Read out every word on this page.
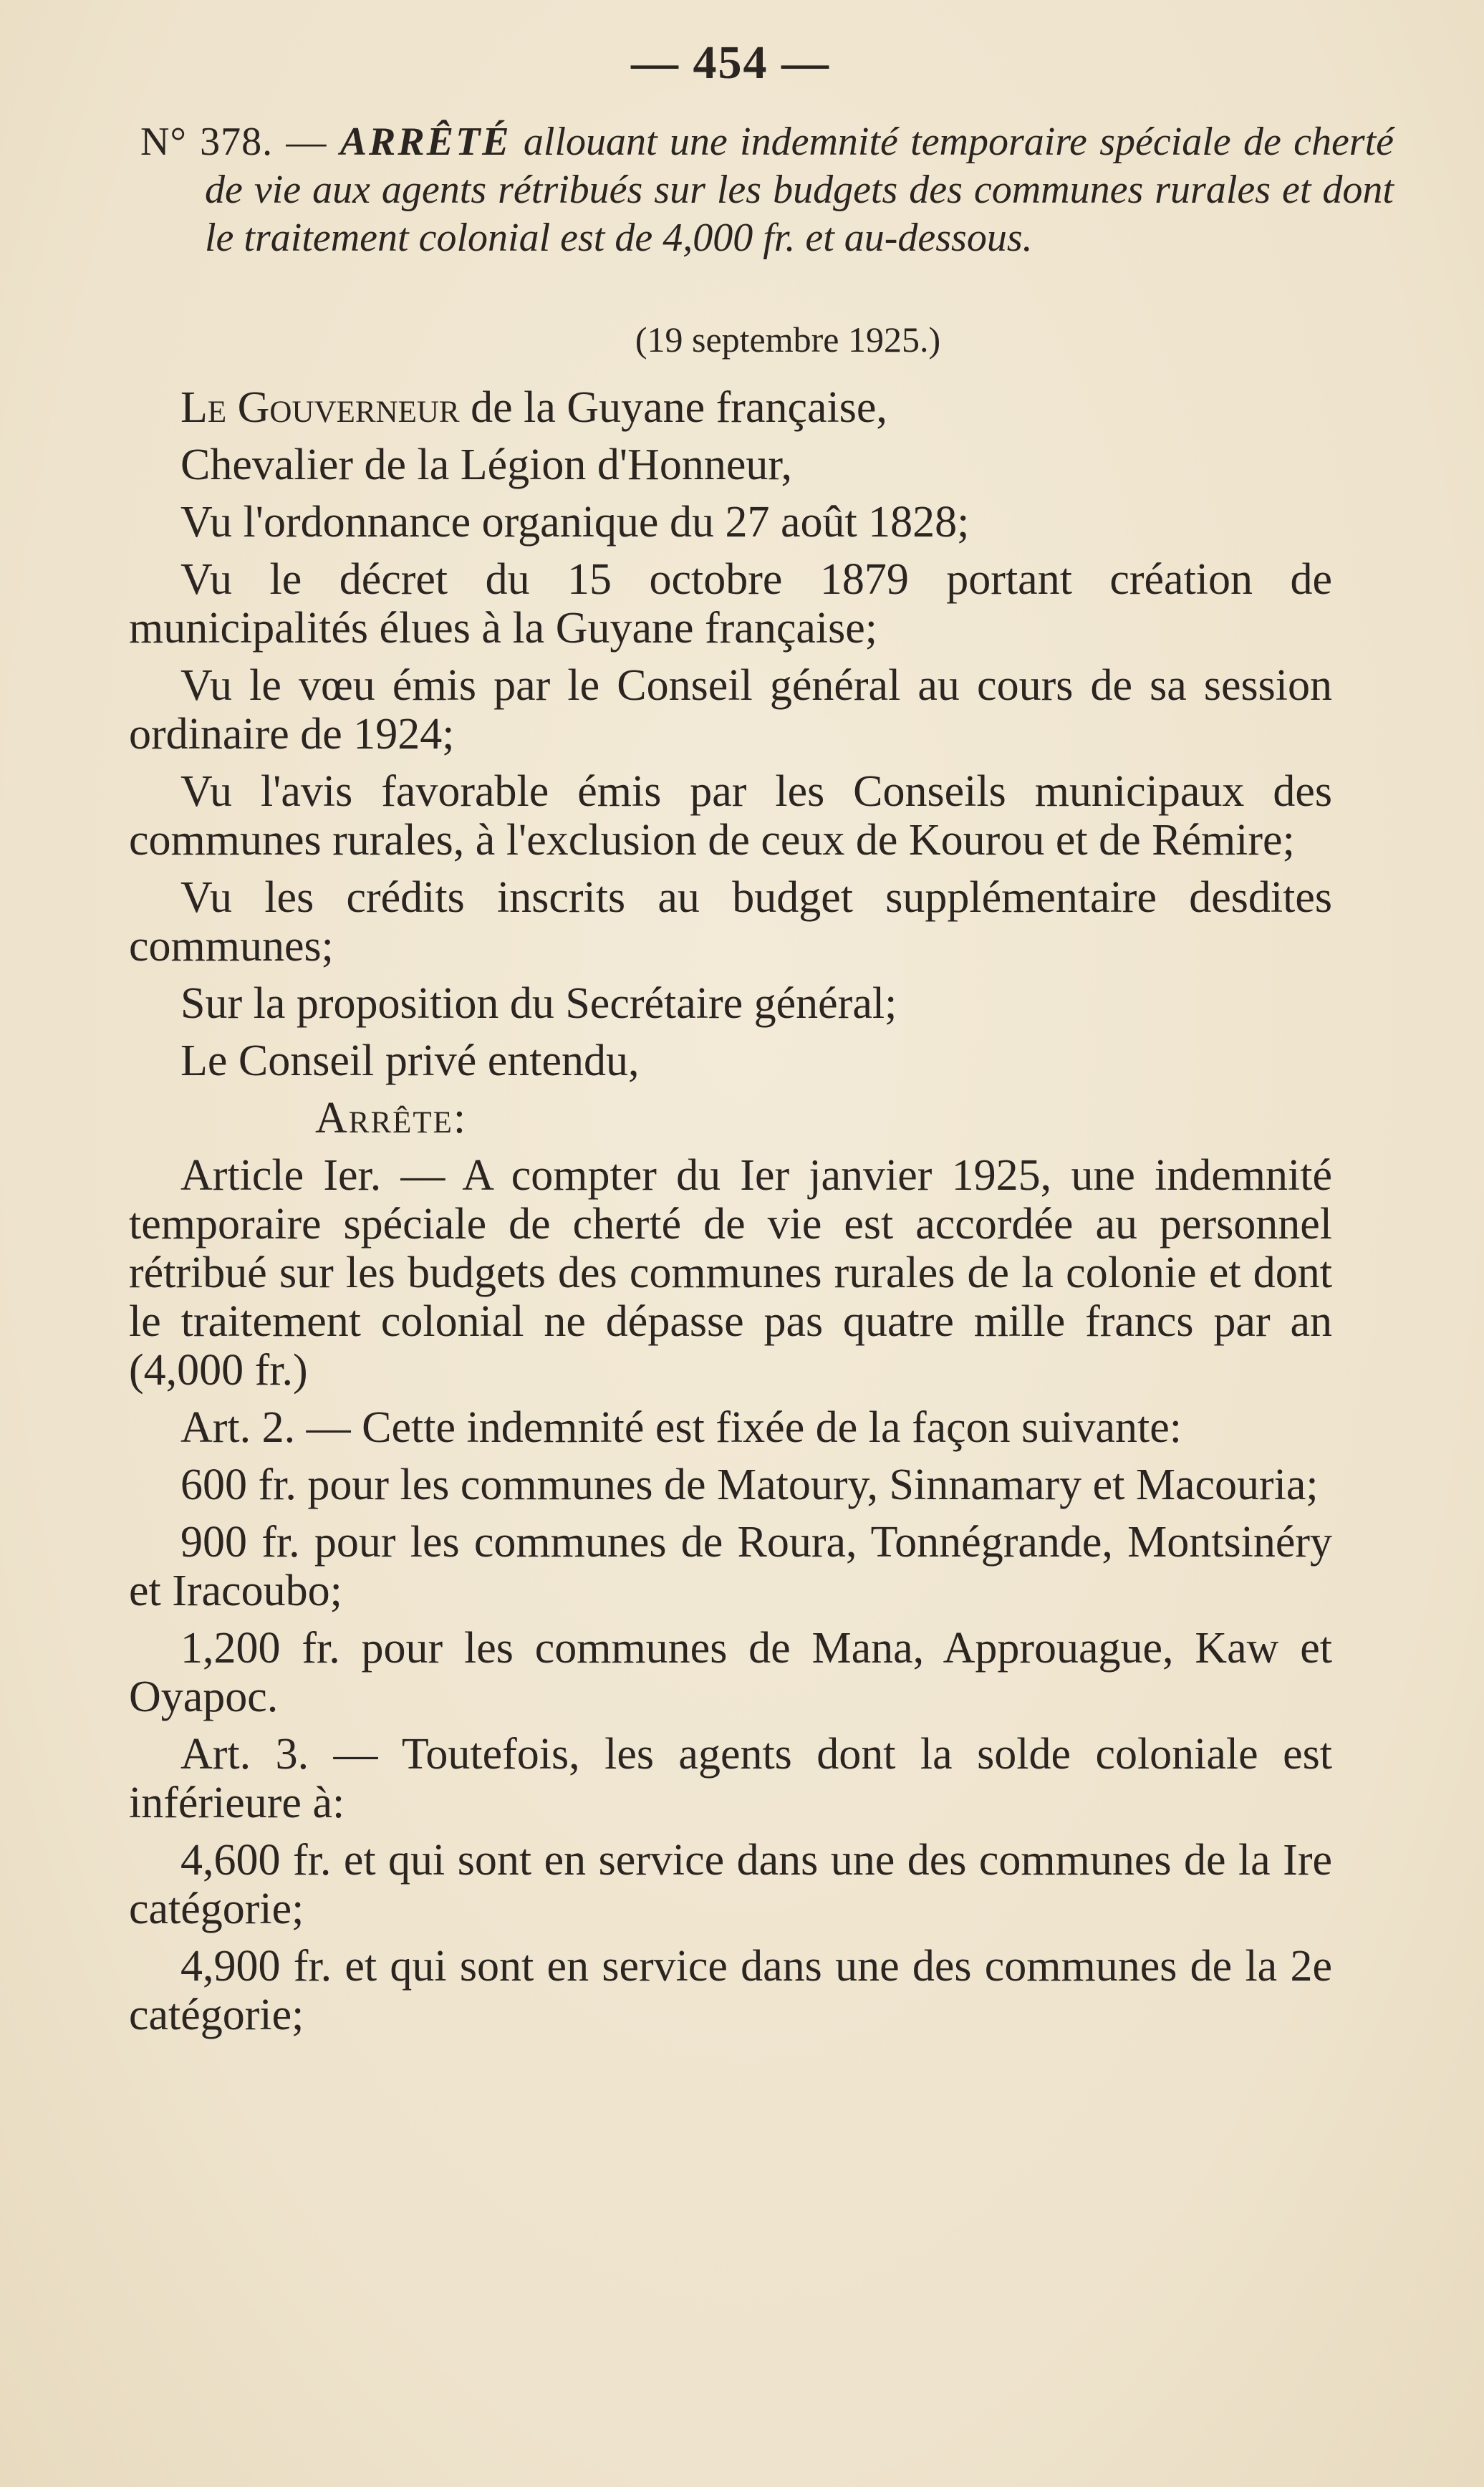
— 454 —
N° 378. — ARRÊTÉ allouant une indemnité temporaire spéciale de cherté de vie aux agents rétribués sur les budgets des communes rurales et dont le traitement colonial est de 4,000 fr. et au-dessous.
(19 septembre 1925.)

Le Gouverneur de la Guyane française,

Chevalier de la Légion d'Honneur,

Vu l'ordonnance organique du 27 août 1828;

Vu le décret du 15 octobre 1879 portant création de municipalités élues à la Guyane française;

Vu le vœu émis par le Conseil général au cours de sa session ordinaire de 1924;

Vu l'avis favorable émis par les Conseils municipaux des communes rurales, à l'exclusion de ceux de Kourou et de Rémire;

Vu les crédits inscrits au budget supplémentaire desdites communes;

Sur la proposition du Secrétaire général;

Le Conseil privé entendu,

Arrête:

Article Ier. — A compter du Ier janvier 1925, une indemnité temporaire spéciale de cherté de vie est accordée au personnel rétribué sur les budgets des communes rurales de la colonie et dont le traitement colonial ne dépasse pas quatre mille francs par an (4,000 fr.)

Art. 2. — Cette indemnité est fixée de la façon suivante:

600 fr. pour les communes de Matoury, Sinnamary et Macouria;

900 fr. pour les communes de Roura, Tonnégrande, Montsinéry et Iracoubo;

1,200 fr. pour les communes de Mana, Approuague, Kaw et Oyapoc.

Art. 3. — Toutefois, les agents dont la solde coloniale est inférieure à:

4,600 fr. et qui sont en service dans une des communes de la Ire catégorie;

4,900 fr. et qui sont en service dans une des communes de la 2e catégorie;
